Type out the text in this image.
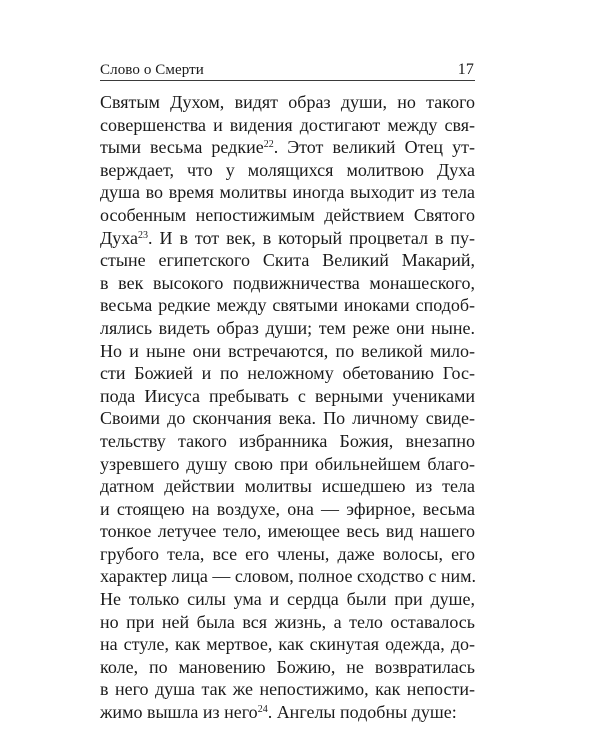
Слово о Смерти	17
Святым Духом, видят образ души, но такого
совершенства и видения достигают между свя-
тыми весьма редкие$^{22}$. Этот великий Отец ут-
верждает, что у молящихся молитвою Духа
душа во время молитвы иногда выходит из тела
особенным непостижимым действием Святого
Духа$^{23}$. И в тот век, в который процветал в пу-
стыне египетского Скита Великий Макарий,
в век высокого подвижничества монашеского,
весьма редкие между святыми иноками сподоб-
лялись видеть образ души; тем реже они ныне.
Но и ныне они встречаются, по великой мило-
сти Божией и по неложному обетованию Гос-
пода Иисуса пребывать с верными учениками
Своими до скончания века. По личному свиде-
тельству такого избранника Божия, внезапно
узревшего душу свою при обильнейшем благо-
датном действии молитвы исшедшею из тела
и стоящею на воздухе, она — эфирное, весьма
тонкое летучее тело, имеющее весь вид нашего
грубого тела, все его члены, даже волосы, его
характер лица — словом, полное сходство с ним.
Не только силы ума и сердца были при душе,
но при ней была вся жизнь, а тело оставалось
на стуле, как мертвое, как скинутая одежда, до-
коле, по мановению Божию, не возвратилась
в него душа так же непостижимо, как непости-
жимо вышла из него$^{24}$. Ангелы подобны душе:
